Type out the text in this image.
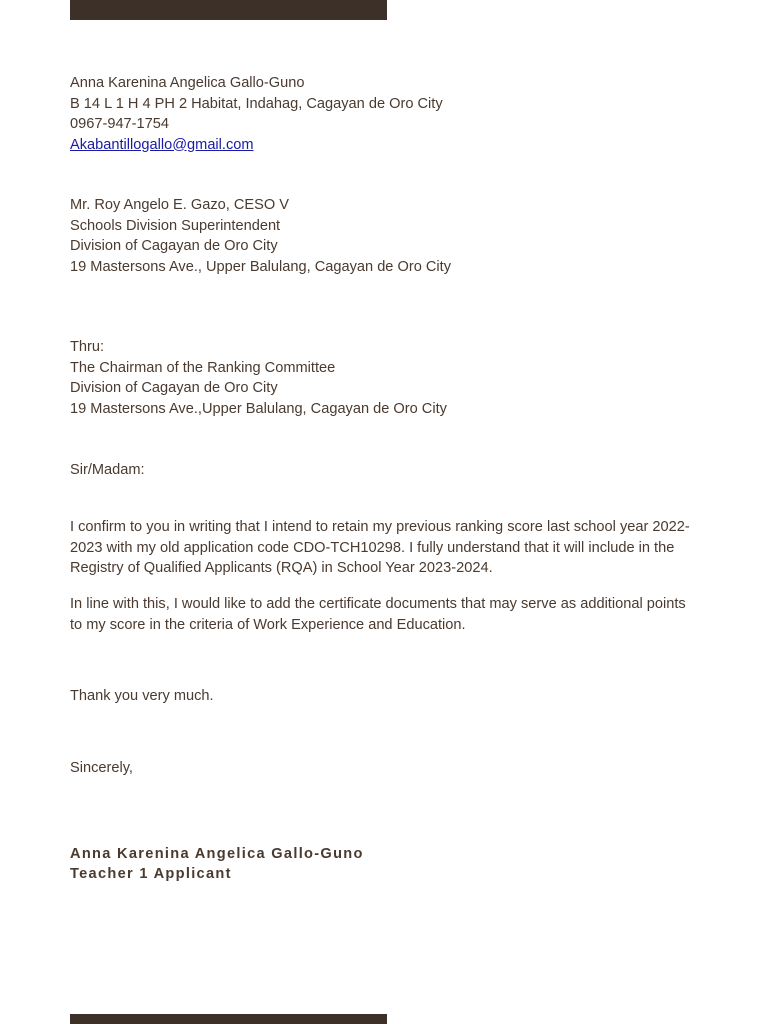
Anna Karenina Angelica Gallo-Guno
B 14 L 1 H 4 PH 2 Habitat, Indahag, Cagayan de Oro City
0967-947-1754
Akabantillogallo@gmail.com
Mr. Roy Angelo E. Gazo, CESO V
Schools Division Superintendent
Division of Cagayan de Oro City
19 Mastersons Ave., Upper Balulang, Cagayan de Oro City
Thru:
The Chairman of the Ranking Committee
Division of Cagayan de Oro City
19 Mastersons Ave.,Upper Balulang, Cagayan de Oro City
Sir/Madam:

I confirm to you in writing that I intend to retain my previous ranking score last school year 2022-2023 with my old application code CDO-TCH10298. I fully understand that it will include in the Registry of Qualified Applicants (RQA) in School Year 2023-2024.

In line with this, I would like to add the certificate documents that may serve as additional points to my score in the criteria of Work Experience and Education.

Thank you very much.
Sincerely,
Anna Karenina Angelica Gallo-Guno
Teacher 1 Applicant
